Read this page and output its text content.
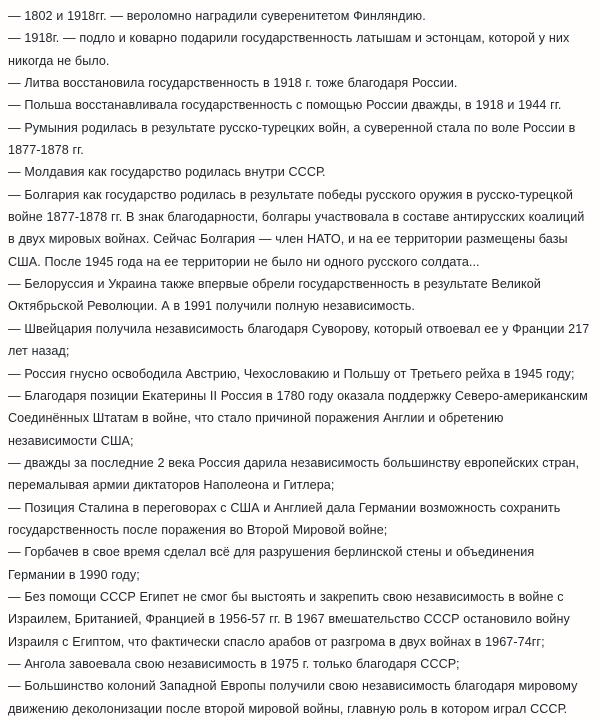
— 1802 и 1918гг. — вероломно наградили суверенитетом Финляндию.

— 1918г. — подло и коварно подарили государственность латышам и эстонцам, которой у них никогда не было.

— Литва восстановила государственность в 1918 г. тоже благодаря России.

— Польша восстанавливала государственность с помощью России дважды, в 1918 и 1944 гг.

— Румыния родилась в результате русско-турецких войн, а суверенной стала по воле России в 1877-1878 гг.

— Молдавия как государство родилась внутри СССР.

— Болгария как государство родилась в результате победы русского оружия в русско-турецкой войне 1877-1878 гг. В знак благодарности, болгары участвовала в составе антирусских коалиций в двух мировых войнах. Сейчас Болгария — член НАТО, и на ее территории размещены базы США. После 1945 года на ее территории не было ни одного русского солдата...

— Белоруссия и Украина также впервые обрели государственность в результате Великой Октябрьской Революции. А в 1991 получили полную независимость.

— Швейцария получила независимость благодаря Суворову, который отвоевал ее у Франции 217 лет назад;

— Россия гнусно освободила Австрию, Чехословакию и Польшу от Третьего рейха в 1945 году;

— Благодаря позиции Екатерины II Россия в 1780 году оказала поддержку Северо-американским Соединённых Штатам в войне, что стало причиной поражения Англии и обретению независимости США;

— дважды за последние 2 века Россия дарила независимость большинству европейских стран, перемалывая армии диктаторов Наполеона и Гитлера;

— Позиция Сталина в переговорах с США и Англией дала Германии возможность сохранить государственность после поражения во Второй Мировой войне;

— Горбачев в свое время сделал всё для разрушения берлинской стены и объединения Германии в 1990 году;

— Без помощи СССР Египет не смог бы выстоять и закрепить свою независимость в войне с Израилем, Британией, Францией в 1956-57 гг. В 1967 вмешательство СССР остановило войну Израиля с Египтом, что фактически спасло арабов от разгрома в двух войнах в 1967-74гг;

— Ангола завоевала свою независимость в 1975 г. только благодаря СССР;

— Большинство колоний Западной Европы получили свою независимость благодаря мировому движению деколонизации после второй мировой войны, главную роль в котором играл СССР.
